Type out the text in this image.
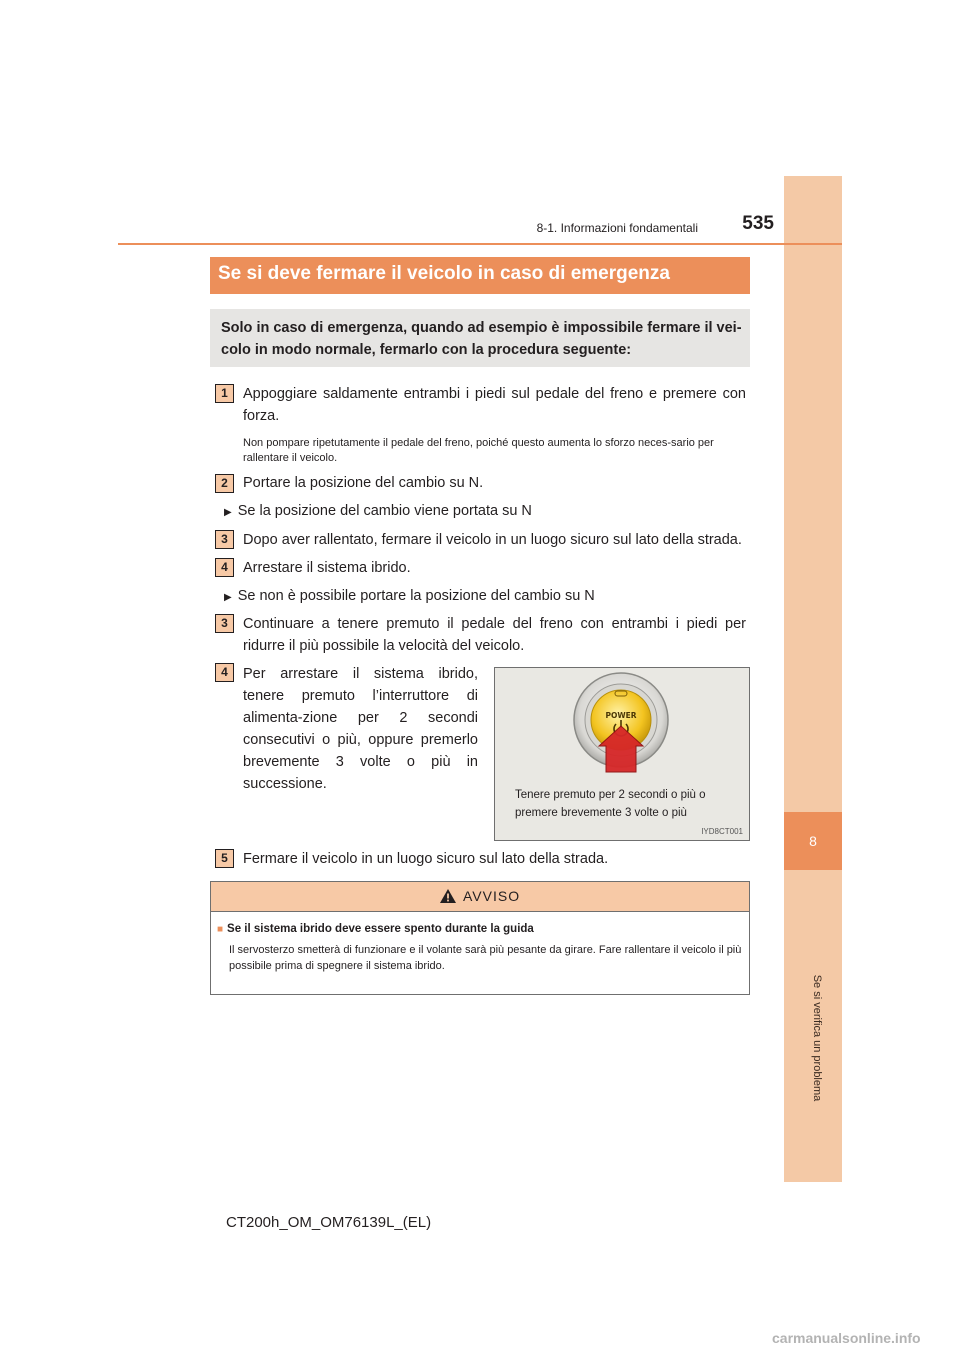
8
Se si verifica un problema
8-1. Informazioni fondamentali	535
Se si deve fermare il veicolo in caso di emergenza
Solo in caso di emergenza, quando ad esempio è impossibile fermare il vei-colo in modo normale, fermarlo con la procedura seguente:
1	Appoggiare saldamente entrambi i piedi sul pedale del freno e premere con forza.
Non pompare ripetutamente il pedale del freno, poiché questo aumenta lo sforzo neces-sario per rallentare il veicolo.
2	Portare la posizione del cambio su N.
▶ Se la posizione del cambio viene portata su N
3	Dopo aver rallentato, fermare il veicolo in un luogo sicuro sul lato della strada.
4	Arrestare il sistema ibrido.
▶ Se non è possibile portare la posizione del cambio su N
3	Continuare a tenere premuto il pedale del freno con entrambi i piedi per ridurre il più possibile la velocità del veicolo.
4	Per arrestare il sistema ibrido, tenere premuto l’interruttore di alimenta-zione per 2 secondi consecutivi o più, oppure premerlo brevemente 3 volte o più in successione.
POWER
Tenere premuto per 2 secondi o più o premere brevemente 3 volte o più
IYD8CT001
5	Fermare il veicolo in un luogo sicuro sul lato della strada.
AVVISO
■ Se il sistema ibrido deve essere spento durante la guida
Il servosterzo smetterà di funzionare e il volante sarà più pesante da girare. Fare rallentare il veicolo il più possibile prima di spegnere il sistema ibrido.
CT200h_OM_OM76139L_(EL)
carmanualsonline.info
